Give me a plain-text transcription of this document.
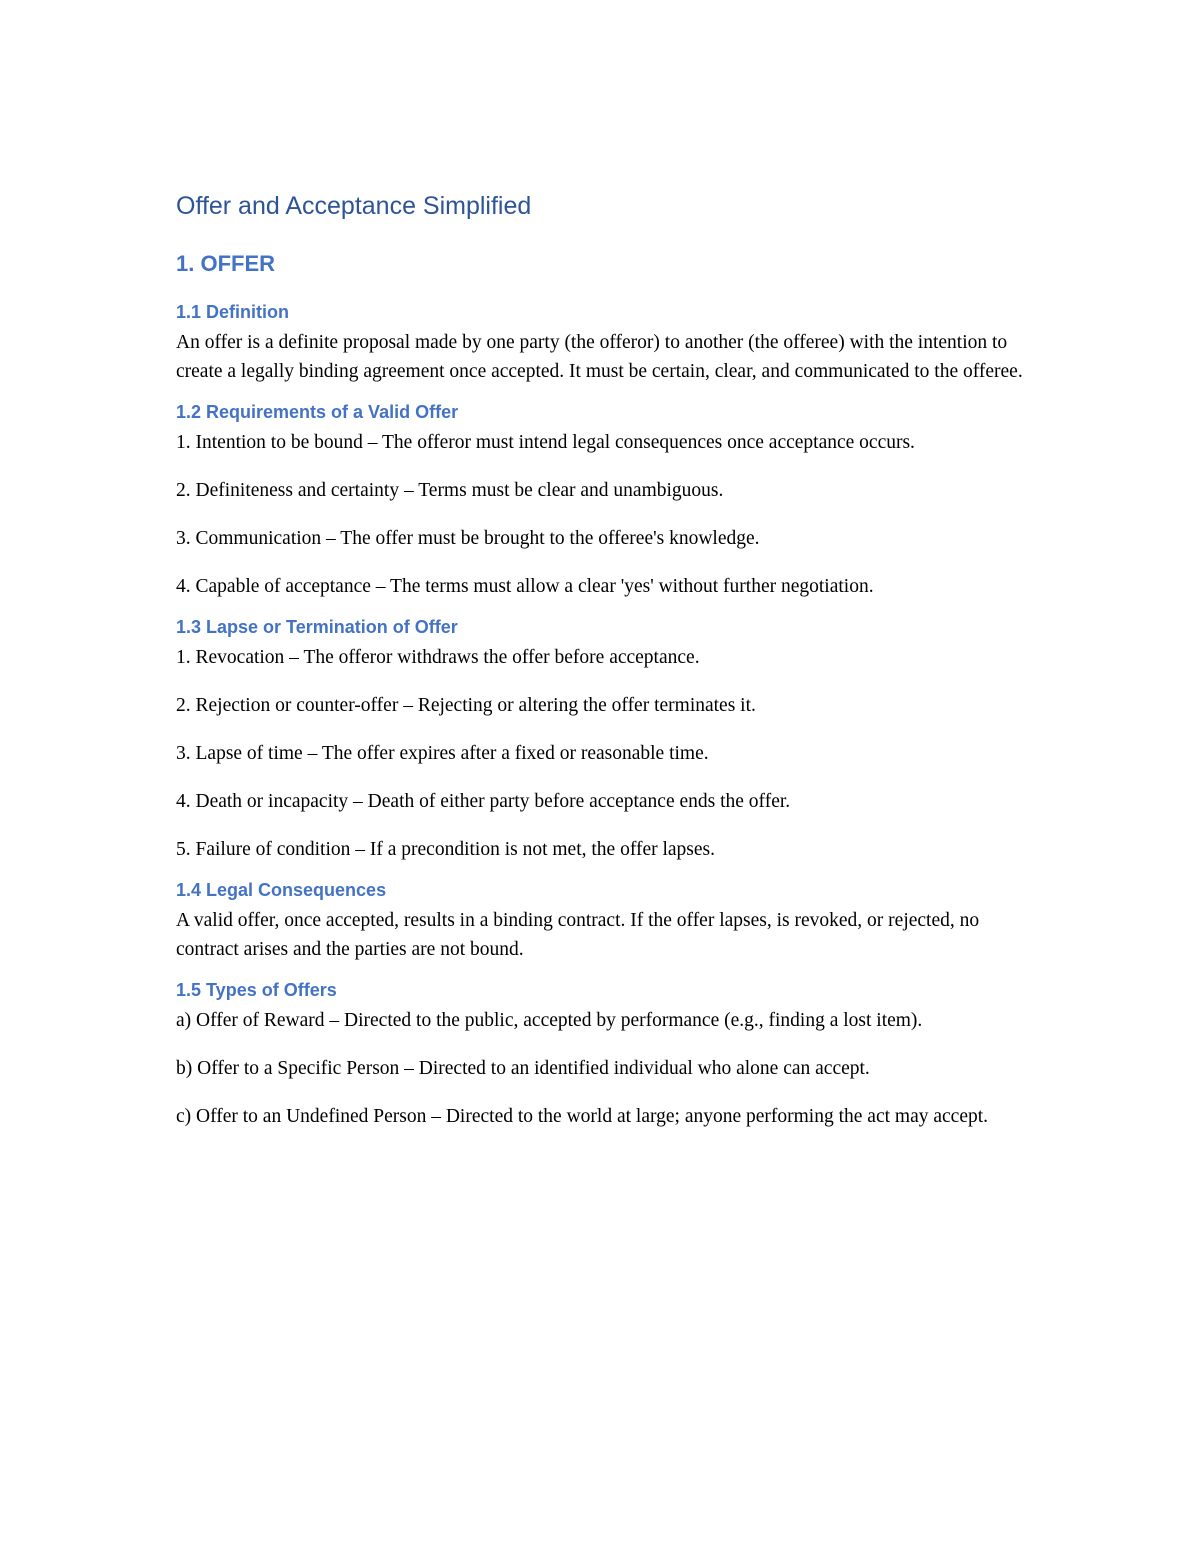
Offer and Acceptance Simplified
1. OFFER
1.1 Definition

An offer is a definite proposal made by one party (the offeror) to another (the offeree) with the intention to create a legally binding agreement once accepted. It must be certain, clear, and communicated to the offeree.

1.2 Requirements of a Valid Offer

1. Intention to be bound – The offeror must intend legal consequences once acceptance occurs.

2. Definiteness and certainty – Terms must be clear and unambiguous.

3. Communication – The offer must be brought to the offeree's knowledge.

4. Capable of acceptance – The terms must allow a clear 'yes' without further negotiation.

1.3 Lapse or Termination of Offer

1. Revocation – The offeror withdraws the offer before acceptance.

2. Rejection or counter-offer – Rejecting or altering the offer terminates it.

3. Lapse of time – The offer expires after a fixed or reasonable time.

4. Death or incapacity – Death of either party before acceptance ends the offer.

5. Failure of condition – If a precondition is not met, the offer lapses.

1.4 Legal Consequences

A valid offer, once accepted, results in a binding contract. If the offer lapses, is revoked, or rejected, no contract arises and the parties are not bound.

1.5 Types of Offers

a) Offer of Reward – Directed to the public, accepted by performance (e.g., finding a lost item).

b) Offer to a Specific Person – Directed to an identified individual who alone can accept.

c) Offer to an Undefined Person – Directed to the world at large; anyone performing the act may accept.
